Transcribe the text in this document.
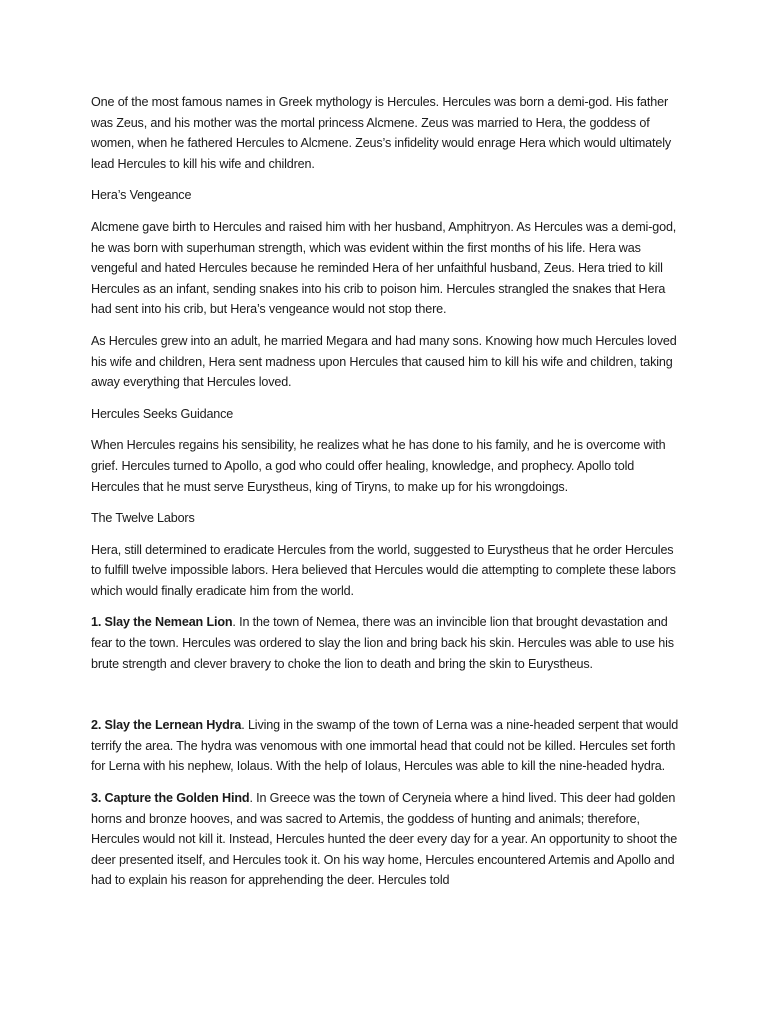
One of the most famous names in Greek mythology is Hercules. Hercules was born a demi-god. His father was Zeus, and his mother was the mortal princess Alcmene. Zeus was married to Hera, the goddess of women, when he fathered Hercules to Alcmene. Zeus’s infidelity would enrage Hera which would ultimately lead Hercules to kill his wife and children.

Hera’s Vengeance

Alcmene gave birth to Hercules and raised him with her husband, Amphitryon. As Hercules was a demi-god, he was born with superhuman strength, which was evident within the first months of his life. Hera was vengeful and hated Hercules because he reminded Hera of her unfaithful husband, Zeus. Hera tried to kill Hercules as an infant, sending snakes into his crib to poison him. Hercules strangled the snakes that Hera had sent into his crib, but Hera’s vengeance would not stop there.

As Hercules grew into an adult, he married Megara and had many sons. Knowing how much Hercules loved his wife and children, Hera sent madness upon Hercules that caused him to kill his wife and children, taking away everything that Hercules loved.

Hercules Seeks Guidance

When Hercules regains his sensibility, he realizes what he has done to his family, and he is overcome with grief. Hercules turned to Apollo, a god who could offer healing, knowledge, and prophecy. Apollo told Hercules that he must serve Eurystheus, king of Tiryns, to make up for his wrongdoings.

The Twelve Labors

Hera, still determined to eradicate Hercules from the world, suggested to Eurystheus that he order Hercules to fulfill twelve impossible labors. Hera believed that Hercules would die attempting to complete these labors which would finally eradicate him from the world.

1. Slay the Nemean Lion. In the town of Nemea, there was an invincible lion that brought devastation and fear to the town. Hercules was ordered to slay the lion and bring back his skin. Hercules was able to use his brute strength and clever bravery to choke the lion to death and bring the skin to Eurystheus.

2. Slay the Lernean Hydra. Living in the swamp of the town of Lerna was a nine-headed serpent that would terrify the area. The hydra was venomous with one immortal head that could not be killed. Hercules set forth for Lerna with his nephew, Iolaus. With the help of Iolaus, Hercules was able to kill the nine-headed hydra.

3. Capture the Golden Hind. In Greece was the town of Ceryneia where a hind lived. This deer had golden horns and bronze hooves, and was sacred to Artemis, the goddess of hunting and animals; therefore, Hercules would not kill it. Instead, Hercules hunted the deer every day for a year. An opportunity to shoot the deer presented itself, and Hercules took it. On his way home, Hercules encountered Artemis and Apollo and had to explain his reason for apprehending the deer. Hercules told
